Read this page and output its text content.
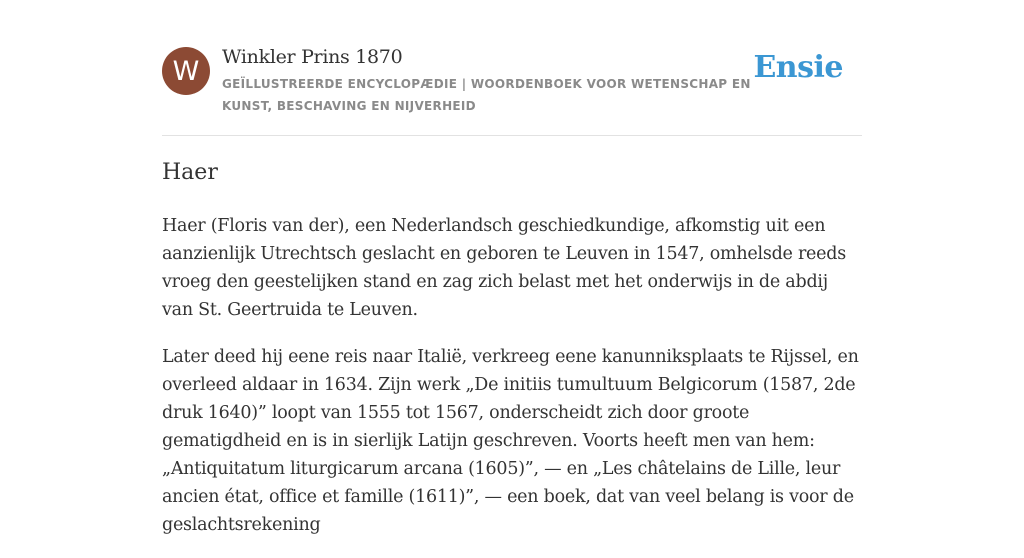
W	Winkler Prins 1870
GEÏLLUSTREERDE ENCYCLOPÆDIE | WOORDENBOEK VOOR WETENSCHAP EN KUNST, BESCHAVING EN NIJVERHEID
Ensie
Haer

Haer (Floris van der), een Nederlandsch geschiedkundige, afkomstig uit een aanzienlijk Utrechtsch geslacht en geboren te Leuven in 1547, omhelsde reeds vroeg den geestelijken stand en zag zich belast met het onderwijs in de abdij van St. Geertruida te Leuven.

Later deed hij eene reis naar Italië, verkreeg eene kanunniksplaats te Rijssel, en overleed aldaar in 1634. Zijn werk „De initiis tumultuum Belgicorum (1587, 2de druk 1640)” loopt van 1555 tot 1567, onderscheidt zich door groote gematigdheid en is in sierlijk Latijn geschreven. Voorts heeft men van hem: „Antiquitatum liturgicarum arcana (1605)”, — en „Les châtelains de Lille, leur ancien état, office et famille (1611)”, — een boek, dat van veel belang is voor de geslachtsrekening
